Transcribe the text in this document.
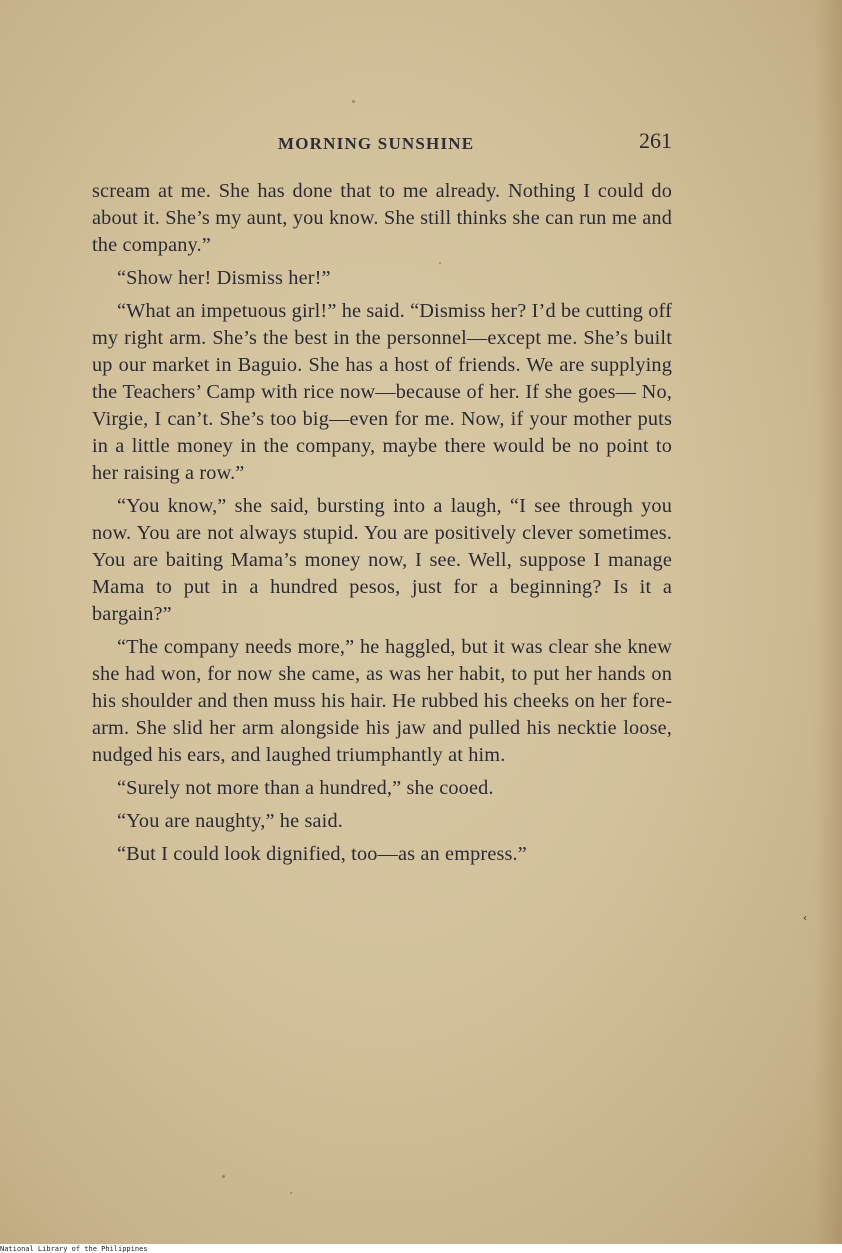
MORNING SUNSHINE	261

scream at me. She has done that to me already. Nothing I could do about it. She’s my aunt, you know. She still thinks she can run me and the company.”

“Show her! Dismiss her!”

“What an impetuous girl!” he said. “Dismiss her? I’d be cutting off my right arm. She’s the best in the personnel—except me. She’s built up our market in Baguio. She has a host of friends. We are supplying the Teachers’ Camp with rice now—because of her. If she goes— No, Virgie, I can’t. She’s too big—even for me. Now, if your mother puts in a little money in the company, maybe there would be no point to her raising a row.”

“You know,” she said, bursting into a laugh, “I see through you now. You are not always stupid. You are positively clever sometimes. You are baiting Mama’s money now, I see. Well, suppose I manage Mama to put in a hundred pesos, just for a beginning? Is it a bargain?”

“The company needs more,” he haggled, but it was clear she knew she had won, for now she came, as was her habit, to put her hands on his shoulder and then muss his hair. He rubbed his cheeks on her forearm. She slid her arm alongside his jaw and pulled his necktie loose, nudged his ears, and laughed triumphantly at him.

“Surely not more than a hundred,” she cooed.

“You are naughty,” he said.

“But I could look dignified, too—as an empress.”

‹
National Library of the Philippines
